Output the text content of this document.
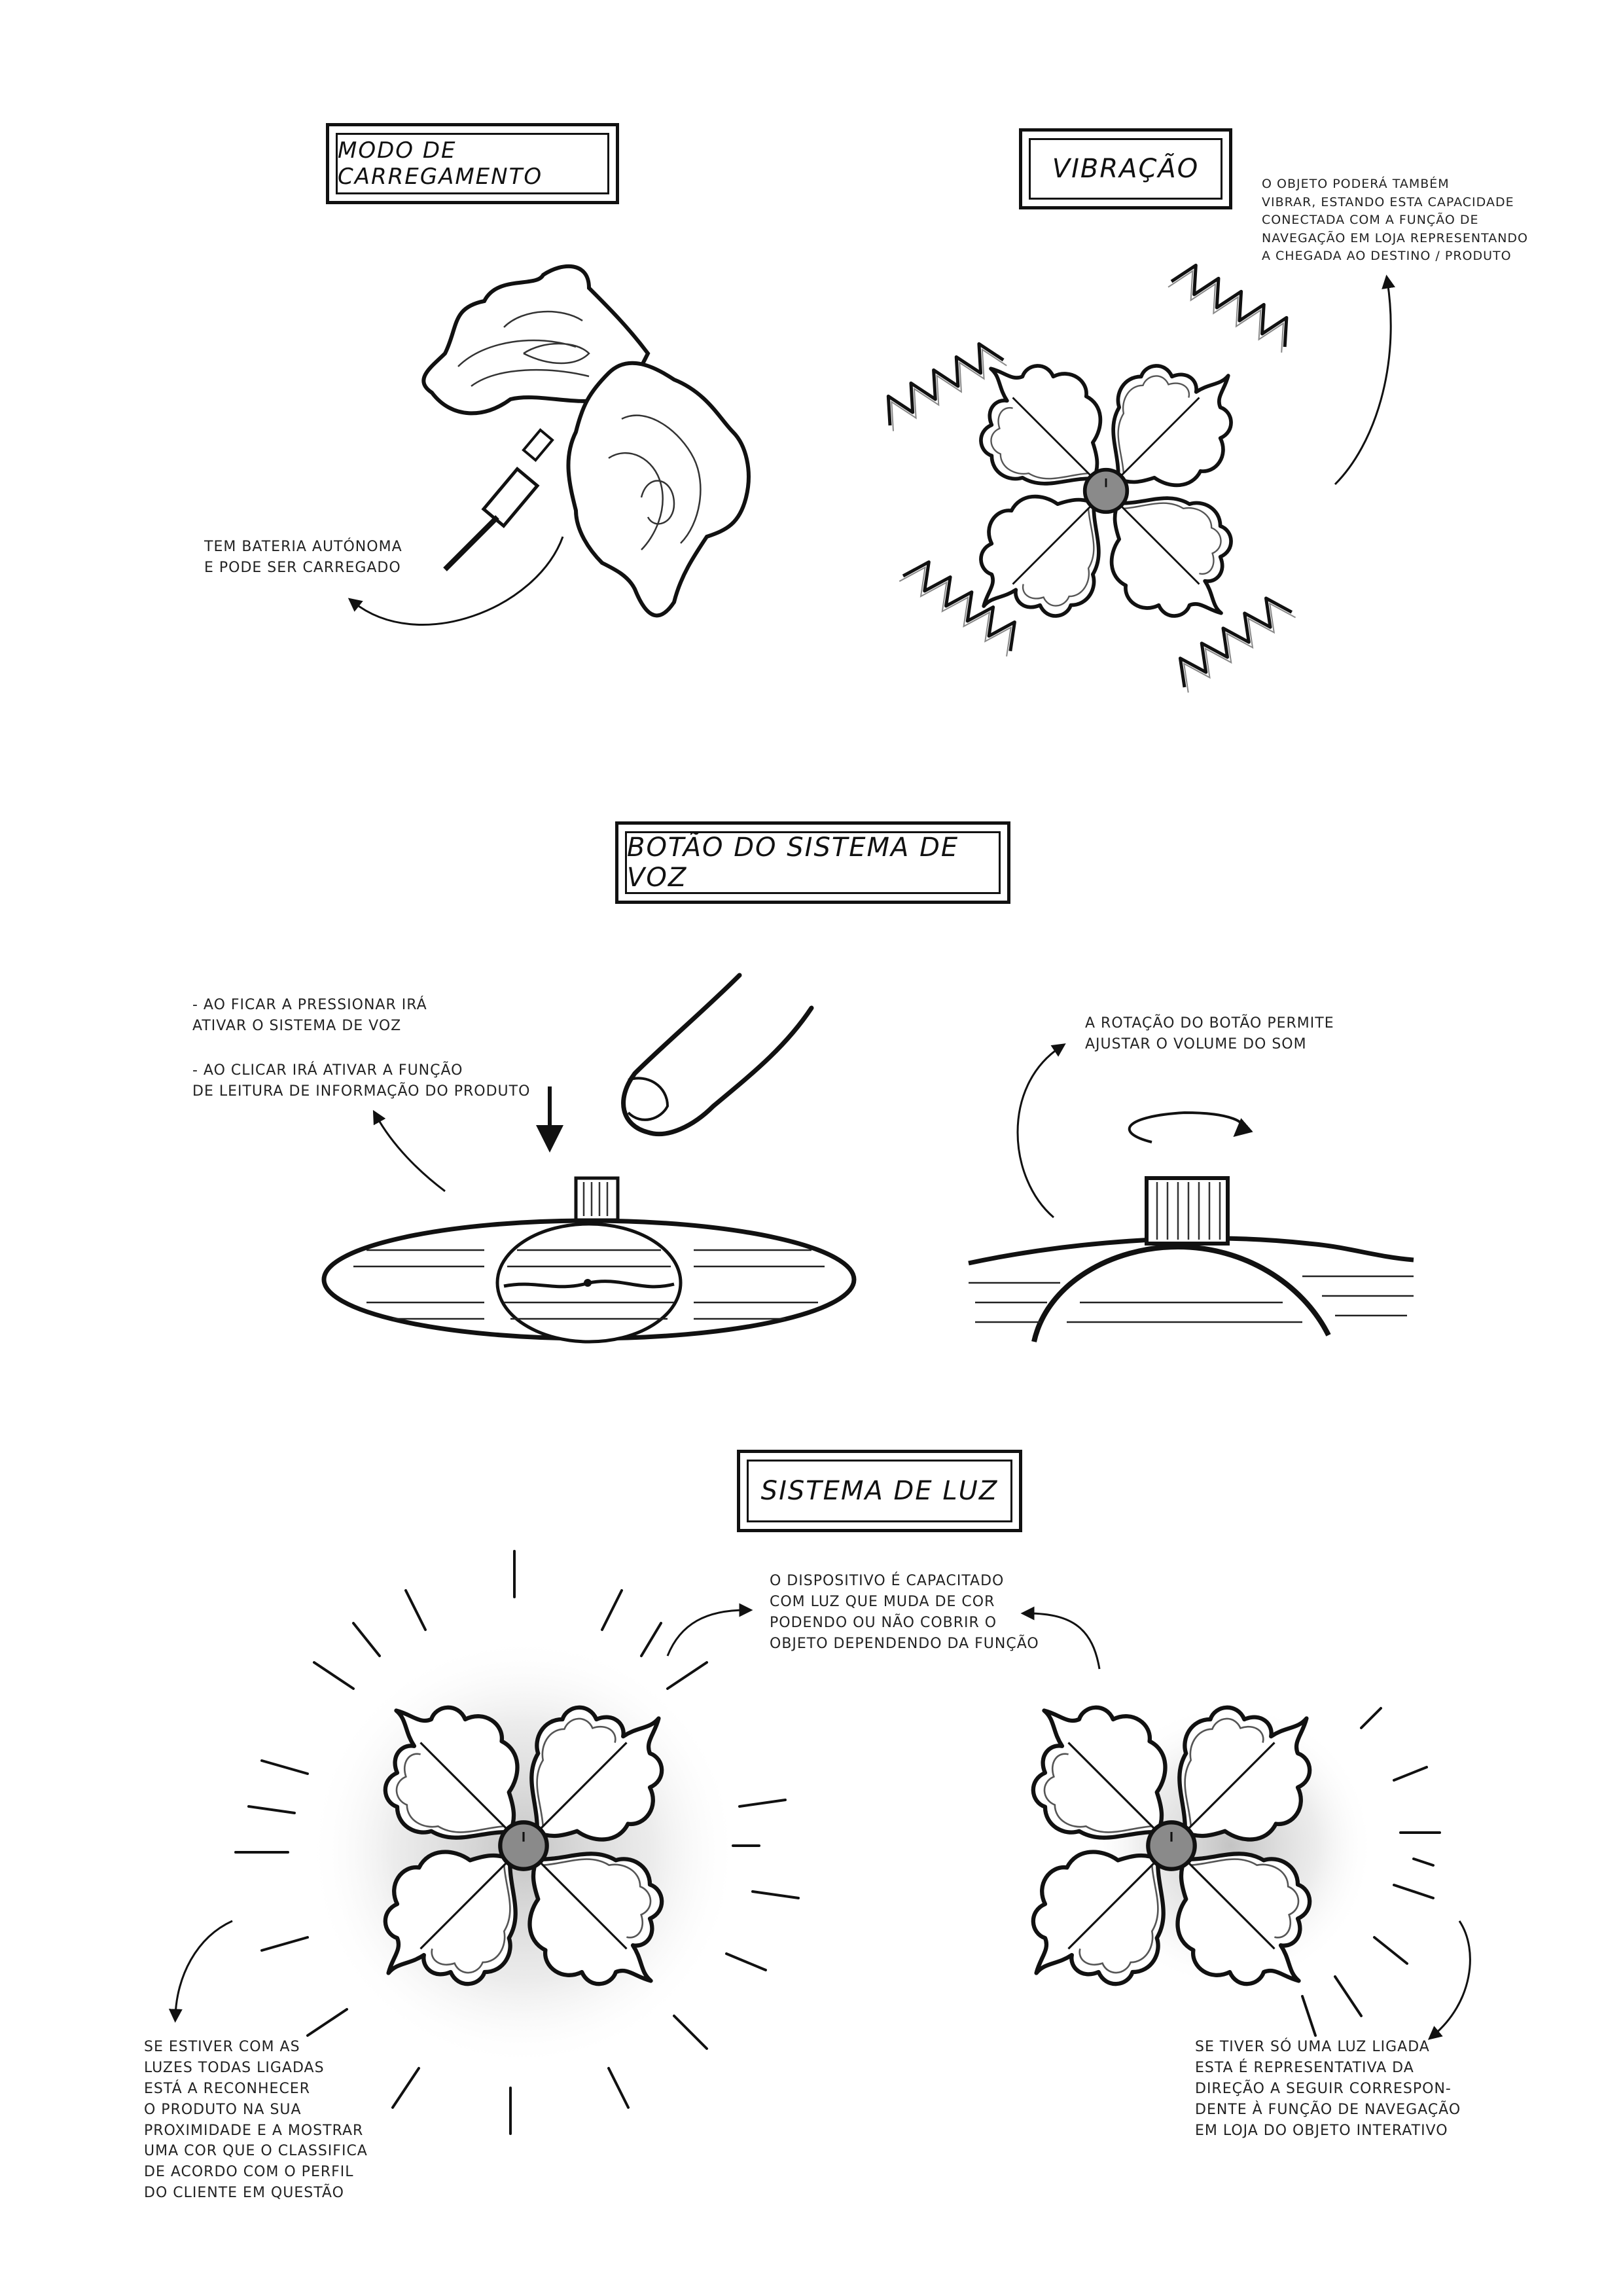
MODO DE CARREGAMENTO	VIBRAÇÃO
BOTÃO DO SISTEMA DE VOZ
SISTEMA DE LUZ
TEM BATERIA AUTÓNOMA
E PODE SER CARREGADO
O OBJETO PODERÁ TAMBÉM
VIBRAR, ESTANDO ESTA CAPACIDADE
CONECTADA COM A FUNÇÃO DE
NAVEGAÇÃO EM LOJA REPRESENTANDO
A CHEGADA AO DESTINO / PRODUTO
- AO FICAR A PRESSIONAR IRÁ
ATIVAR O SISTEMA DE VOZ
- AO CLICAR IRÁ ATIVAR A FUNÇÃO
DE LEITURA DE INFORMAÇÃO DO PRODUTO
A ROTAÇÃO DO BOTÃO PERMITE
AJUSTAR O VOLUME DO SOM
O DISPOSITIVO É CAPACITADO
COM LUZ QUE MUDA DE COR
PODENDO OU NÃO COBRIR O
OBJETO DEPENDENDO DA FUNÇÃO
SE ESTIVER COM AS
LUZES TODAS LIGADAS
ESTÁ A RECONHECER
O PRODUTO NA SUA
PROXIMIDADE E A MOSTRAR
UMA COR QUE O CLASSIFICA
DE ACORDO COM O PERFIL
DO CLIENTE EM QUESTÃO
SE TIVER SÓ UMA LUZ LIGADA
ESTA É REPRESENTATIVA DA
DIREÇÃO A SEGUIR CORRESPON-
DENTE À FUNÇÃO DE NAVEGAÇÃO
EM LOJA DO OBJETO INTERATIVO
